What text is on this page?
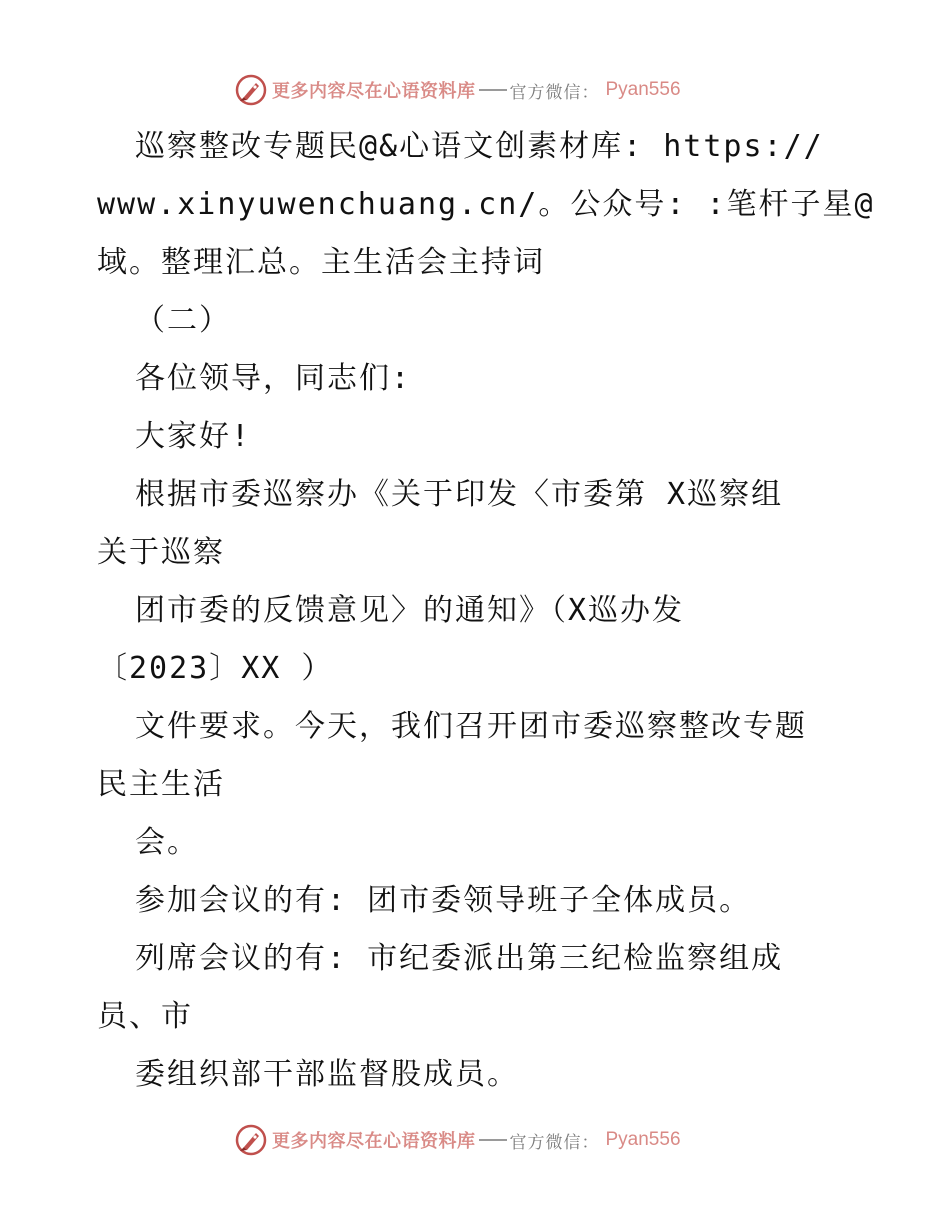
更多内容尽在心语资料库 官方微信： Pyan556

巡察整改专题民@&心语文创素材库: https://

www.xinyuwenchuang.cn/。公众号: :笔杆子星@

域。整理汇总。主生活会主持词

（二）

各位领导，同志们:

大家好!

根据市委巡察办《关于印发〈市委第 X巡察组

关于巡察

团市委的反馈意见〉的通知》（X巡办发

〔2023〕XX ）

文件要求。今天，我们召开团市委巡察整改专题

民主生活

会。

参加会议的有: 团市委领导班子全体成员。

列席会议的有: 市纪委派出第三纪检监察组成

员、市

委组织部干部监督股成员。

更多内容尽在心语资料库 官方微信： Pyan556
